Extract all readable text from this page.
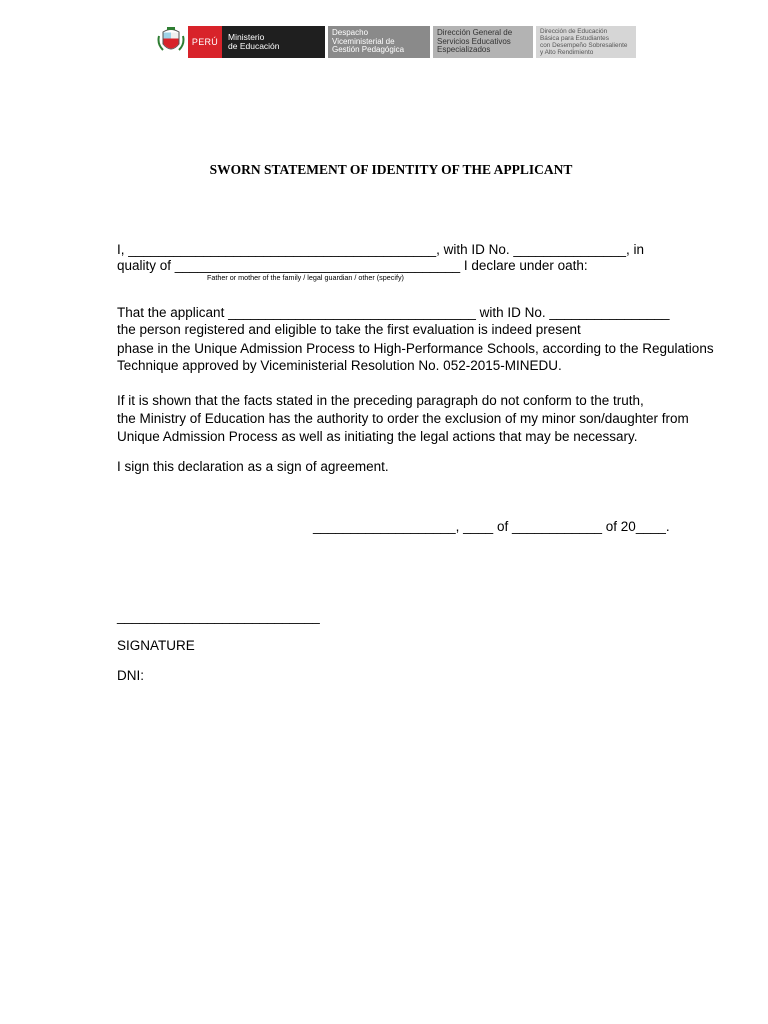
PERÚ	Ministerio
de Educación
Despacho
Viceministerial de
Gestión Pedagógica
Dirección General de
Servicios Educativos
Especializados
Dirección de Educación
Básica para Estudiantes
con Desempeño Sobresaliente
y Alto Rendimiento
SWORN STATEMENT OF IDENTITY OF THE APPLICANT
I, _________________________________________, with ID No. _______________, in
quality of ______________________________________ I declare under oath:
Father or mother of the family / legal guardian / other (specify)
That the applicant _________________________________ with ID No. ________________
the person registered and eligible to take the first evaluation is indeed present
phase in the Unique Admission Process to High-Performance Schools, according to the Regulations
Technique approved by Viceministerial Resolution No. 052-2015-MINEDU.
If it is shown that the facts stated in the preceding paragraph do not conform to the truth,
the Ministry of Education has the authority to order the exclusion of my minor son/daughter from
Unique Admission Process as well as initiating the legal actions that may be necessary.
I sign this declaration as a sign of agreement.
___________________, ____ of ____________ of 20____.
___________________________
SIGNATURE
DNI:
